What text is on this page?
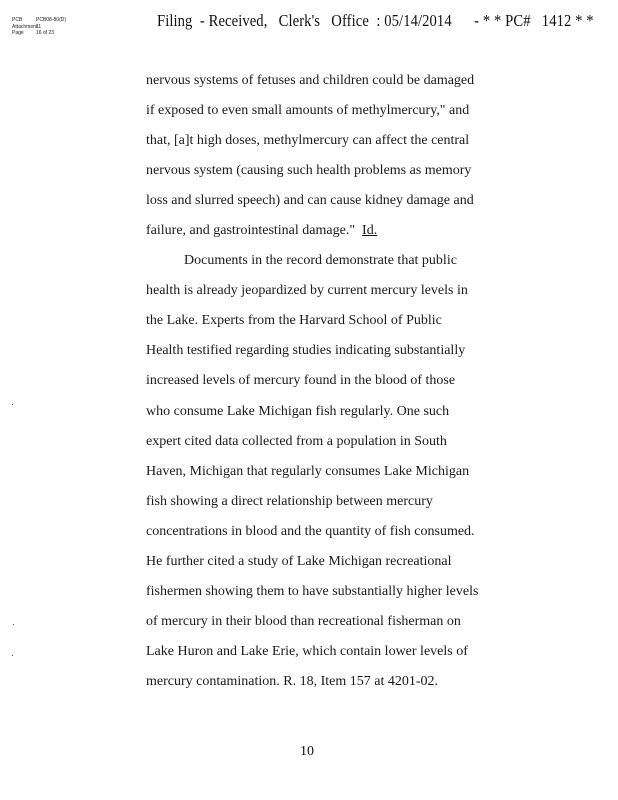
PCB	PCB08-80(D)
Attachment
11
Page	16 of 23
Filing  - Received,   Clerk's   Office  : 05/14/2014      - * * PC#   1412 * *
nervous systems of fetuses and children could be damaged
if exposed to even small amounts of methylmercury," and
that, [a]t high doses, methylmercury can affect the central
nervous system (causing such health problems as memory
loss and slurred speech) and can cause kidney damage and
failure, and gastrointestinal damage." Id.
Documents in the record demonstrate that public
health is already jeopardized by current mercury levels in
the Lake. Experts from the Harvard School of Public
Health testified regarding studies indicating substantially
increased levels of mercury found in the blood of those
who consume Lake Michigan fish regularly. One such
expert cited data collected from a population in South
Haven, Michigan that regularly consumes Lake Michigan
fish showing a direct relationship between mercury
concentrations in blood and the quantity of fish consumed.
He further cited a study of Lake Michigan recreational
fishermen showing them to have substantially higher levels
of mercury in their blood than recreational fisherman on
Lake Huron and Lake Erie, which contain lower levels of
mercury contamination. R. 18, Item 157 at 4201-02.
10
